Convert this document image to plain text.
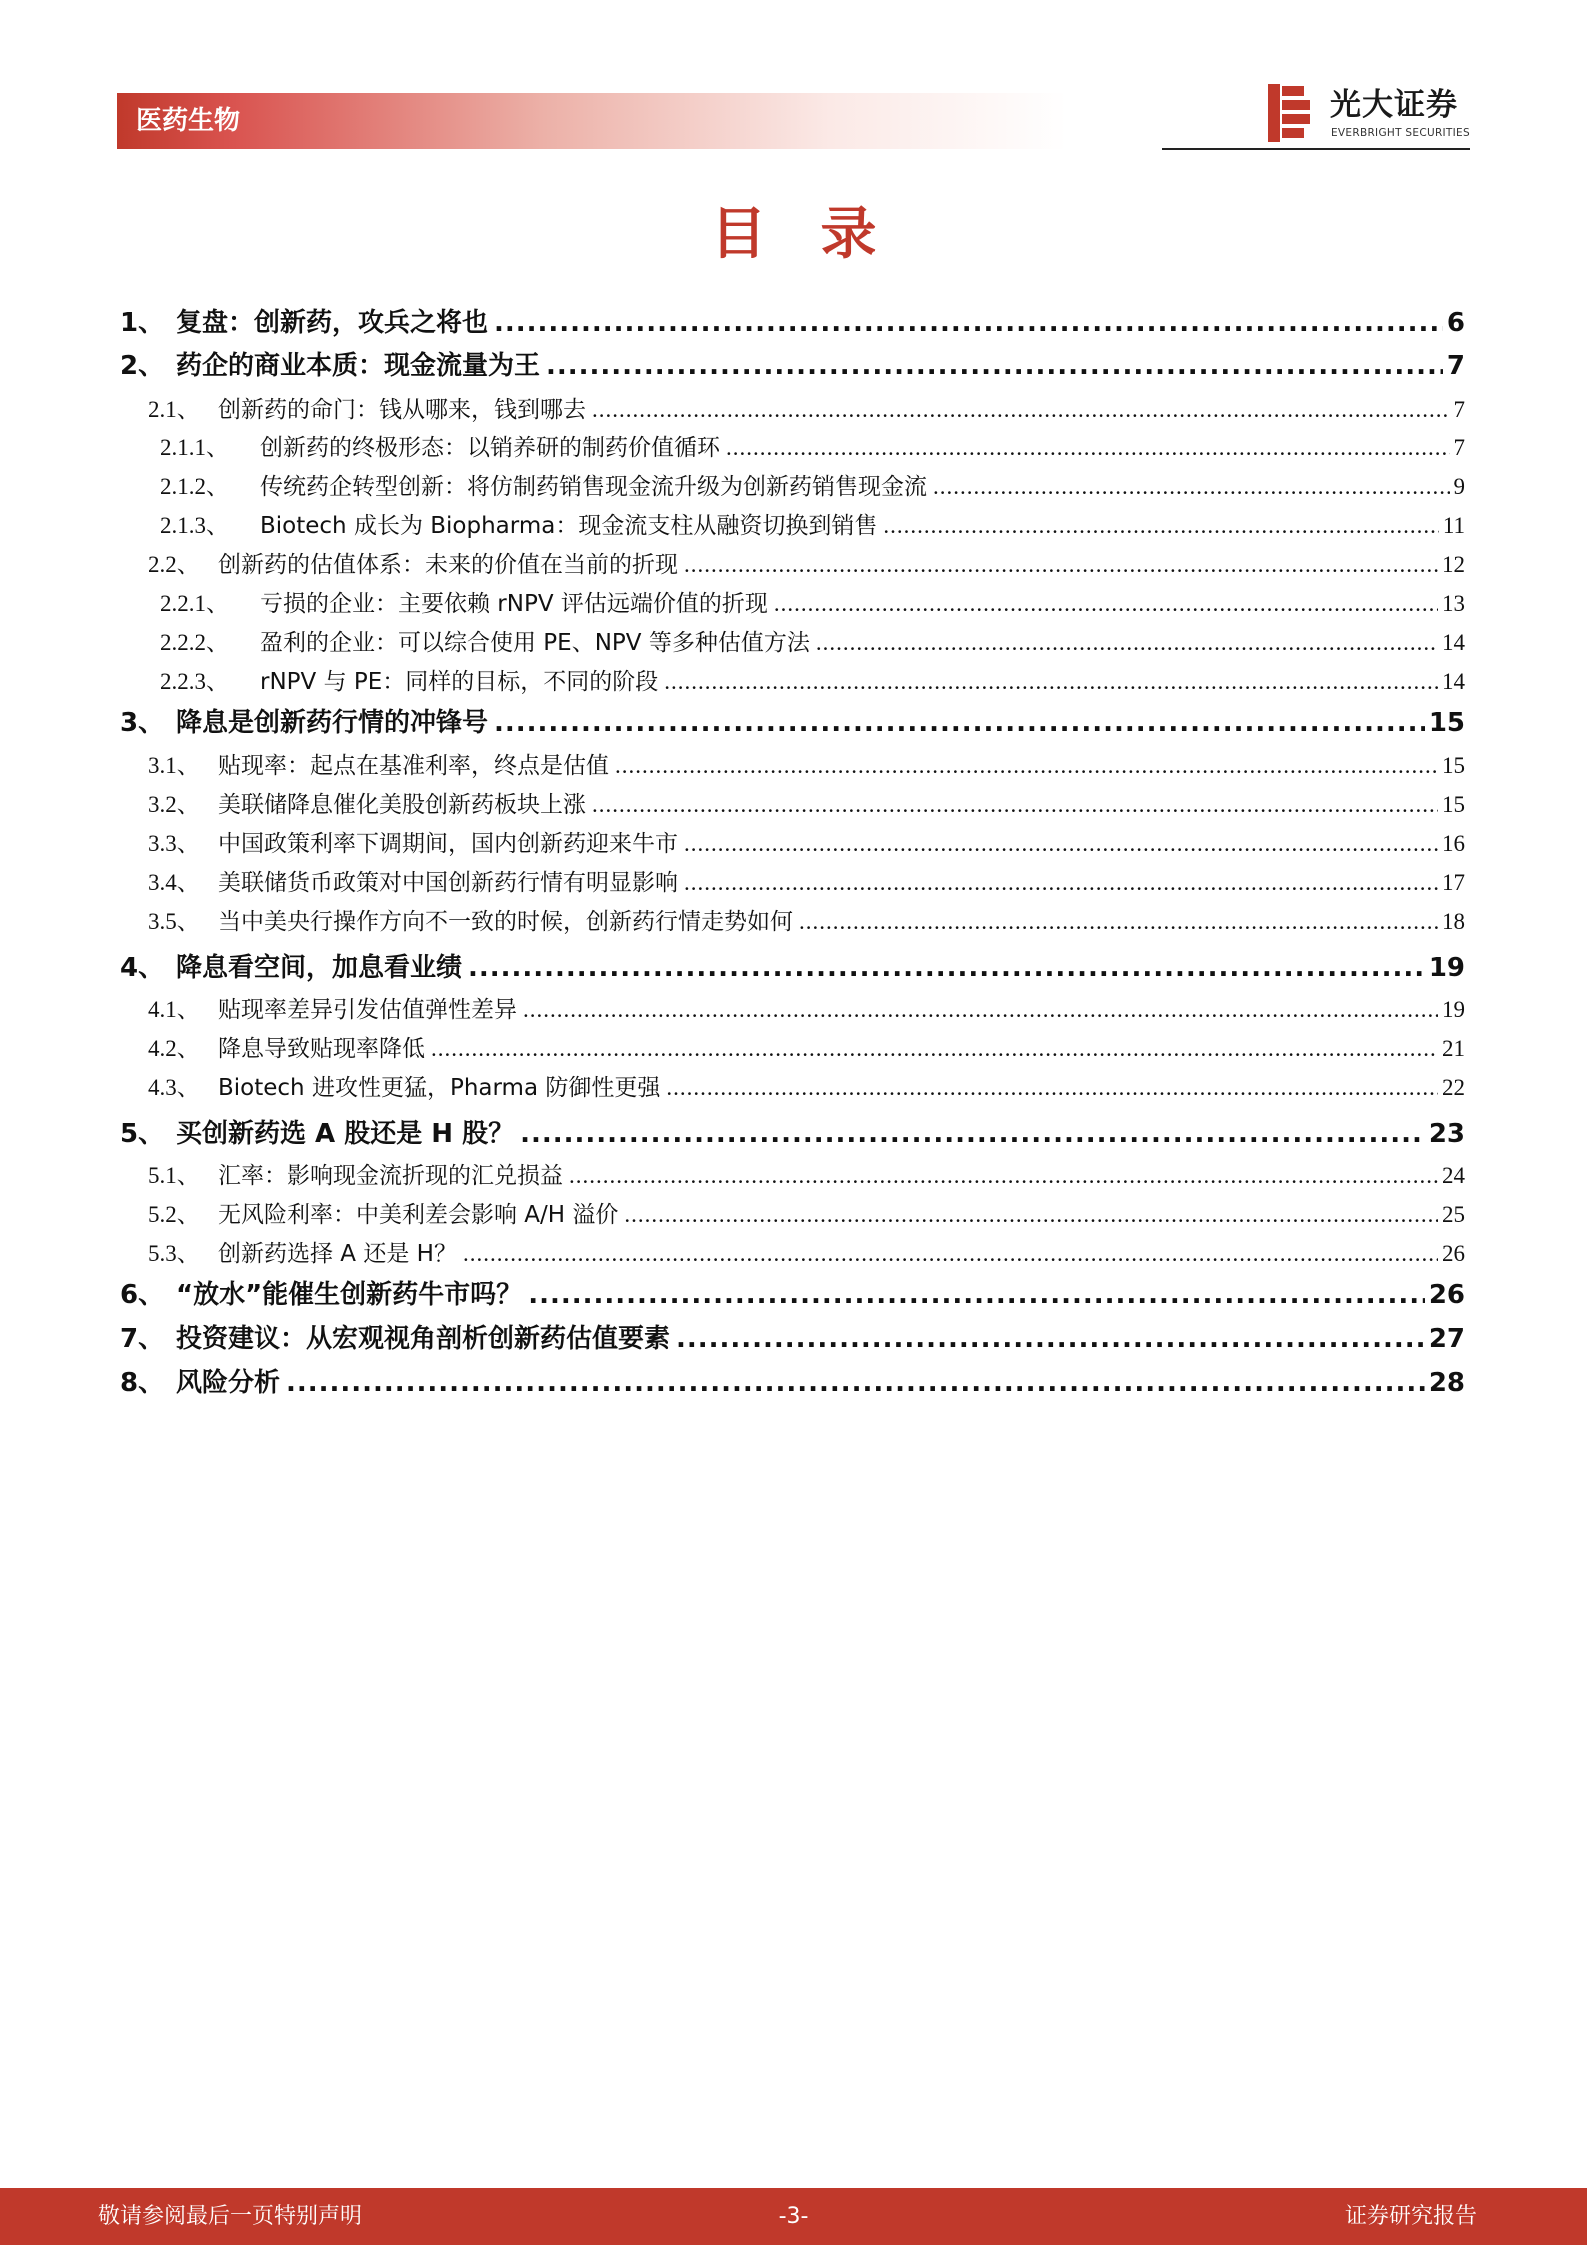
医药生物	光大证券
EVERBRIGHT SECURITIES
目录
1、 复盘：创新药，攻兵之将也 .....	6
2、 药企的商业本质：现金流量为王 .....	7
2.1、 创新药的命门：钱从哪来，钱到哪去 .....	7
2.1.1、	创新药的终极形态：以销养研的制药价值循环 .....	7
2.1.2、	传统药企转型创新：将仿制药销售现金流升级为创新药销售现金流 .....	9
2.1.3、	Biotech 成长为 Biopharma：现金流支柱从融资切换到销售 .....	11
2.2、 创新药的估值体系：未来的价值在当前的折现 .....	12
2.2.1、	亏损的企业：主要依赖 rNPV 评估远端价值的折现 .....	13
2.2.2、	盈利的企业：可以综合使用 PE、NPV 等多种估值方法 .....	14
2.2.3、	rNPV 与 PE：同样的目标，不同的阶段 .....	14
3、 降息是创新药行情的冲锋号 .....	15
3.1、 贴现率：起点在基准利率，终点是估值 .....	15
3.2、 美联储降息催化美股创新药板块上涨 .....	15
3.3、 中国政策利率下调期间，国内创新药迎来牛市 .....	16
3.4、 美联储货币政策对中国创新药行情有明显影响 .....	17
3.5、 当中美央行操作方向不一致的时候，创新药行情走势如何 .....	18
4、 降息看空间，加息看业绩 .....	19
4.1、 贴现率差异引发估值弹性差异 .....	19
4.2、 降息导致贴现率降低 .....	21
4.3、 Biotech 进攻性更猛，Pharma 防御性更强 .....	22
5、 买创新药选 A 股还是 H 股？ .....	23
5.1、 汇率：影响现金流折现的汇兑损益 .....	24
5.2、 无风险利率：中美利差会影响 A/H 溢价 .....	25
5.3、 创新药选择 A 还是 H？ .....	26
6、 “放水”能催生创新药牛市吗？ .....	26
7、 投资建议：从宏观视角剖析创新药估值要素 .....	27
8、 风险分析 .....	28
敬请参阅最后一页特别声明	-3-	证券研究报告
